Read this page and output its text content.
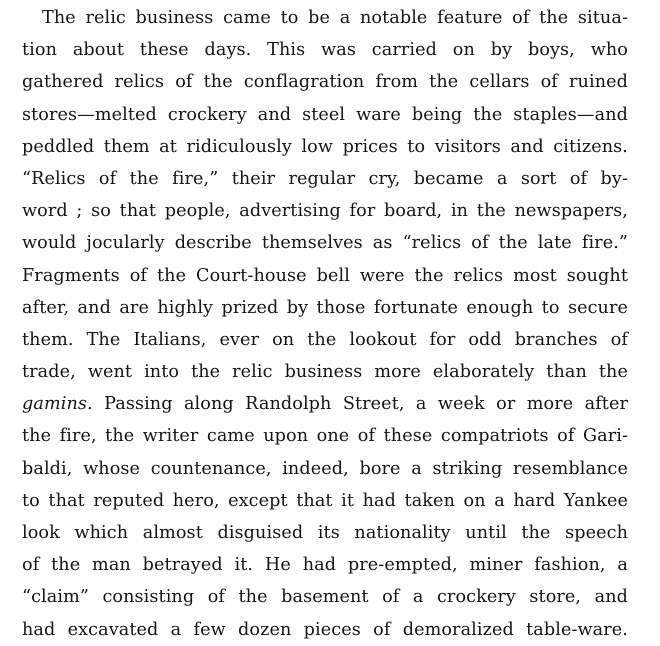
The relic business came to be a notable feature of the situa-
tion about these days. This was carried on by boys, who
gathered relics of the conflagration from the cellars of ruined
stores—melted crockery and steel ware being the staples—and
peddled them at ridiculously low prices to visitors and citizens.
“Relics of the fire,” their regular cry, became a sort of by-
word ; so that people, advertising for board, in the newspapers,
would jocularly describe themselves as “relics of the late fire.”
Fragments of the Court-house bell were the relics most sought
after, and are highly prized by those fortunate enough to secure
them. The Italians, ever on the lookout for odd branches of
trade, went into the relic business more elaborately than the
gamins. Passing along Randolph Street, a week or more after
the fire, the writer came upon one of these compatriots of Gari-
baldi, whose countenance, indeed, bore a striking resemblance
to that reputed hero, except that it had taken on a hard Yankee
look which almost disguised its nationality until the speech
of the man betrayed it. He had pre-empted, miner fashion, a
“claim” consisting of the basement of a crockery store, and
had excavated a few dozen pieces of demoralized table-ware.
